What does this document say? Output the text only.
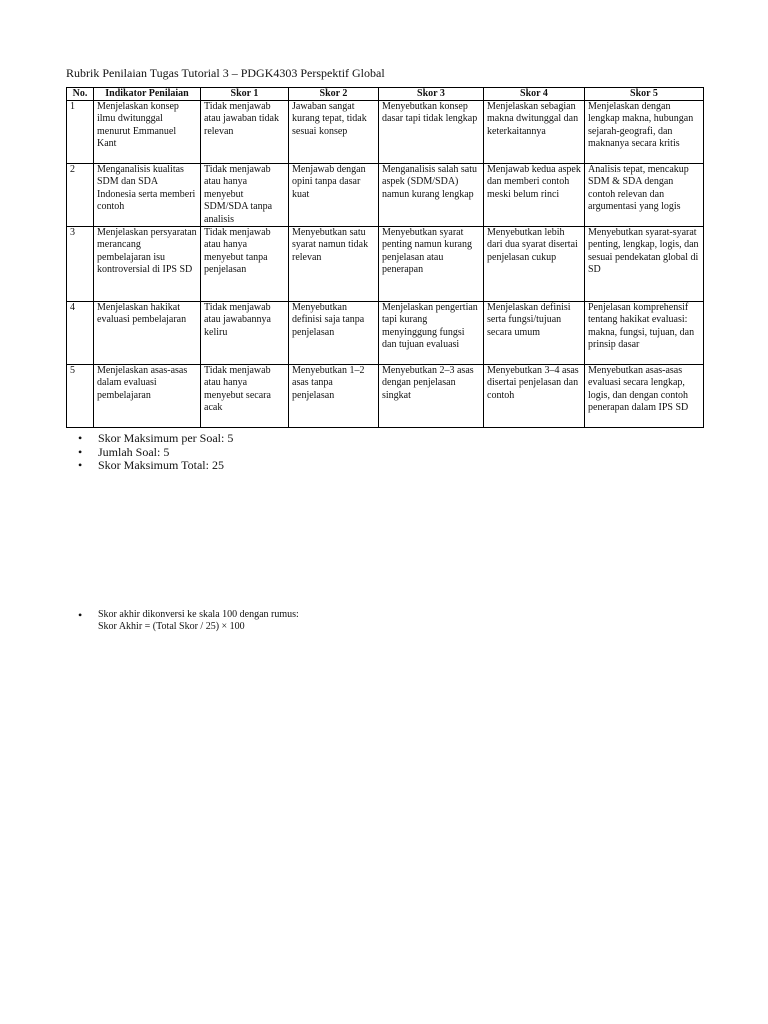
Rubrik Penilaian Tugas Tutorial 3 – PDGK4303 Perspektif Global
No.	Indikator Penilaian	Skor 1	Skor 2	Skor 3	Skor 4	Skor 5
1	Menjelaskan konsep ilmu dwitunggal menurut Emmanuel Kant	Tidak menjawab atau jawaban tidak relevan	Jawaban sangat kurang tepat, tidak sesuai konsep	Menyebutkan konsep dasar tapi tidak lengkap	Menjelaskan sebagian makna dwitunggal dan keterkaitannya	Menjelaskan dengan lengkap makna, hubungan sejarah-geografi, dan maknanya secara kritis
2	Menganalisis kualitas SDM dan SDA Indonesia serta memberi contoh	Tidak menjawab atau hanya menyebut SDM/SDA tanpa analisis	Menjawab dengan opini tanpa dasar kuat	Menganalisis salah satu aspek (SDM/SDA) namun kurang lengkap	Menjawab kedua aspek dan memberi contoh meski belum rinci	Analisis tepat, mencakup SDM & SDA dengan contoh relevan dan argumentasi yang logis
3	Menjelaskan persyaratan merancang pembelajaran isu kontroversial di IPS SD	Tidak menjawab atau hanya menyebut tanpa penjelasan	Menyebutkan satu syarat namun tidak relevan	Menyebutkan syarat penting namun kurang penjelasan atau penerapan	Menyebutkan lebih dari dua syarat disertai penjelasan cukup	Menyebutkan syarat-syarat penting, lengkap, logis, dan sesuai pendekatan global di SD
4	Menjelaskan hakikat evaluasi pembelajaran	Tidak menjawab atau jawabannya keliru	Menyebutkan definisi saja tanpa penjelasan	Menjelaskan pengertian tapi kurang menyinggung fungsi dan tujuan evaluasi	Menjelaskan definisi serta fungsi/tujuan secara umum	Penjelasan komprehensif tentang hakikat evaluasi: makna, fungsi, tujuan, dan prinsip dasar
5	Menjelaskan asas-asas dalam evaluasi pembelajaran	Tidak menjawab atau hanya menyebut secara acak	Menyebutkan 1–2 asas tanpa penjelasan	Menyebutkan 2–3 asas dengan penjelasan singkat	Menyebutkan 3–4 asas disertai penjelasan dan contoh	Menyebutkan asas-asas evaluasi secara lengkap, logis, dan dengan contoh penerapan dalam IPS SD
• Skor Maksimum per Soal: 5
• Jumlah Soal: 5
• Skor Maksimum Total: 25
• Skor akhir dikonversi ke skala 100 dengan rumus:
Skor Akhir = (Total Skor / 25) × 100
